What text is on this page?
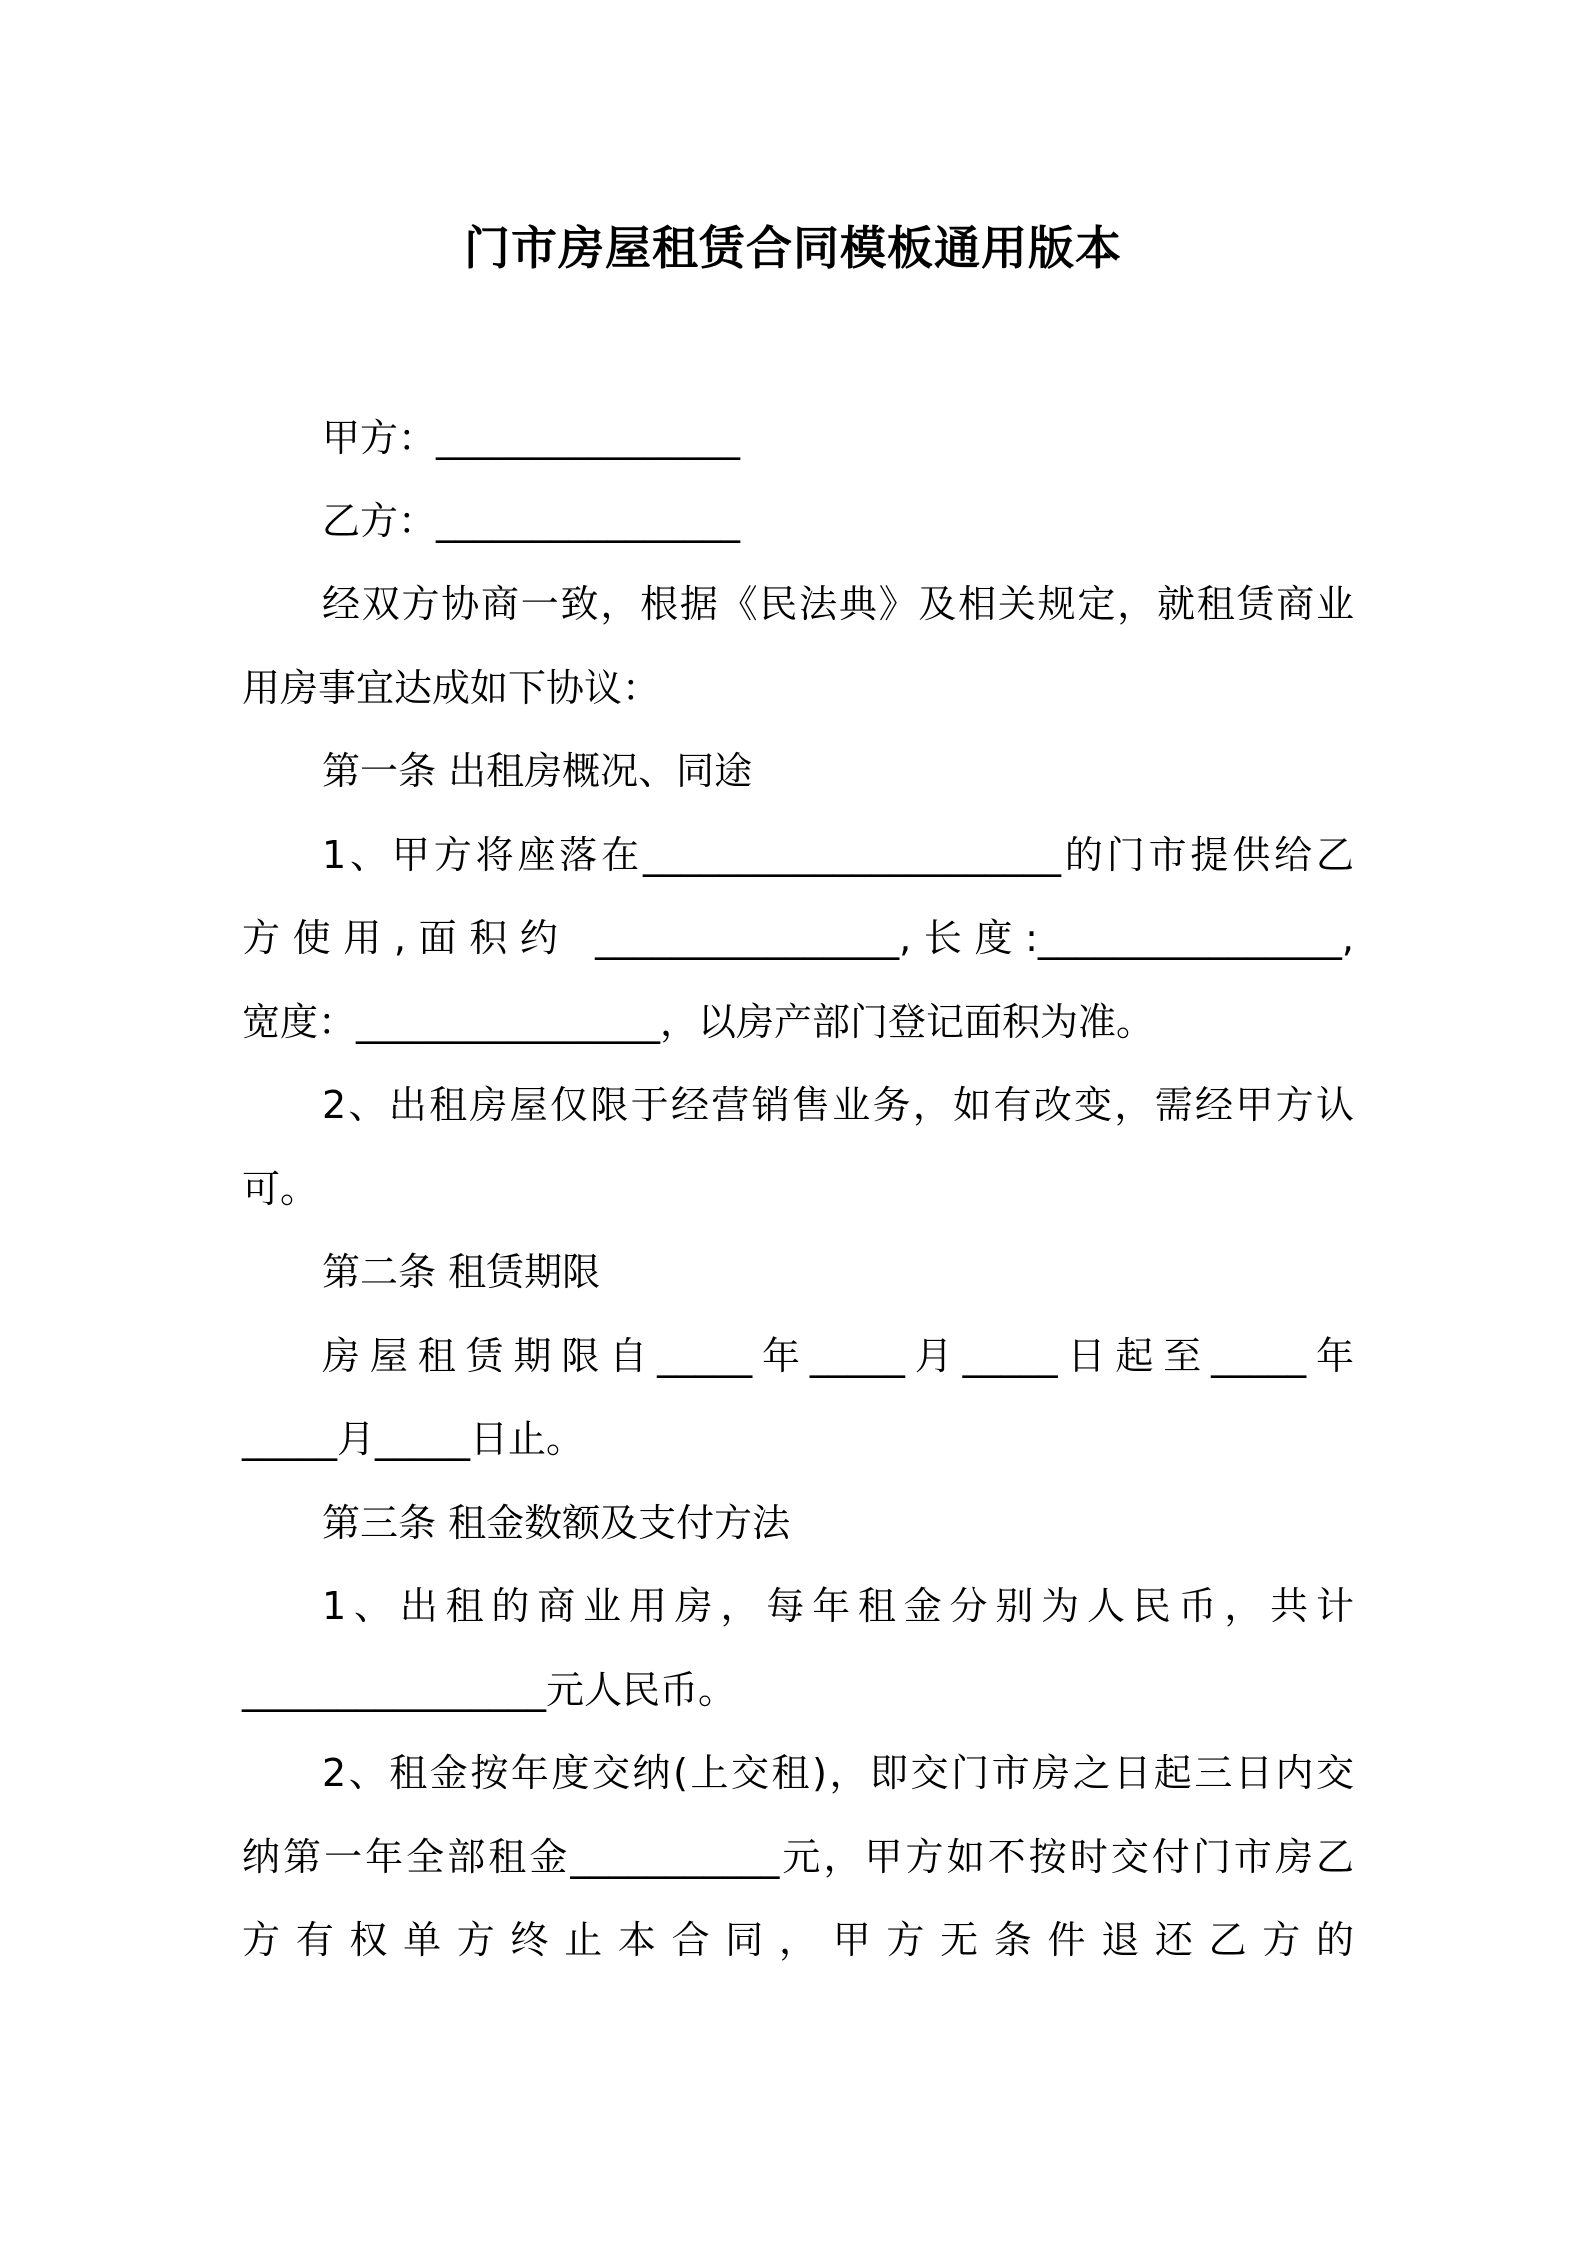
门市房屋租赁合同模板通用版本
甲方：________________
乙方：________________
经双方协商一致，根据《民法典》及相关规定，就租赁商业
用房事宜达成如下协议：
第一条 出租房概况、同途
1、甲方将座落在______________________的门市提供给乙
方使用,面积约 ________________,长度:________________,
宽度：________________，以房产部门登记面积为准。
2、出租房屋仅限于经营销售业务，如有改变，需经甲方认
可。
第二条 租赁期限
房屋租赁期限自_____年_____月_____日起至_____年
_____月_____日止。
第三条 租金数额及支付方法
1、出租的商业用房，每年租金分别为人民币，共计
________________元人民币。
2、租金按年度交纳(上交租)，即交门市房之日起三日内交
纳第一年全部租金___________元，甲方如不按时交付门市房乙
方有权单方终止本合同，甲方无条件退还乙方的
